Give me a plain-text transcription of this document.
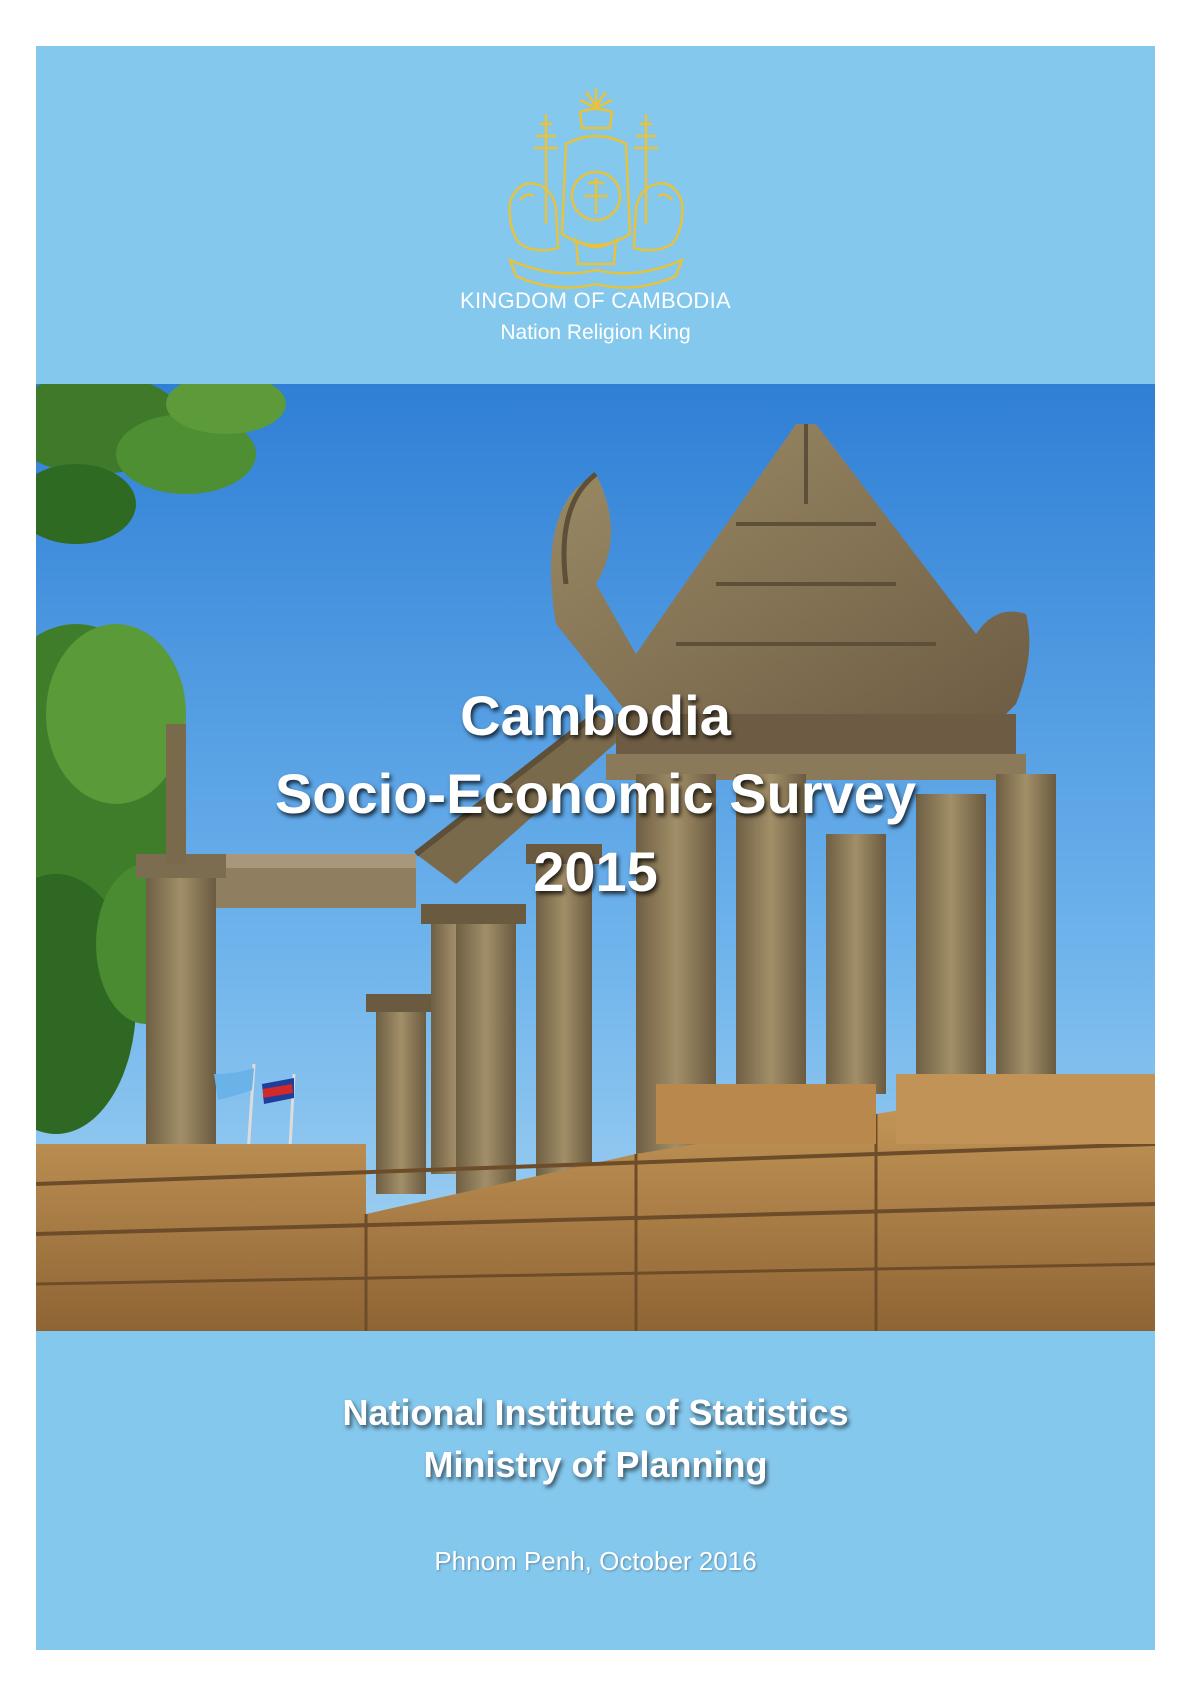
KINGDOM OF CAMBODIA
Nation Religion King
Cambodia
Socio-Economic Survey
2015
National Institute of Statistics
Ministry of Planning
Phnom Penh, October 2016
